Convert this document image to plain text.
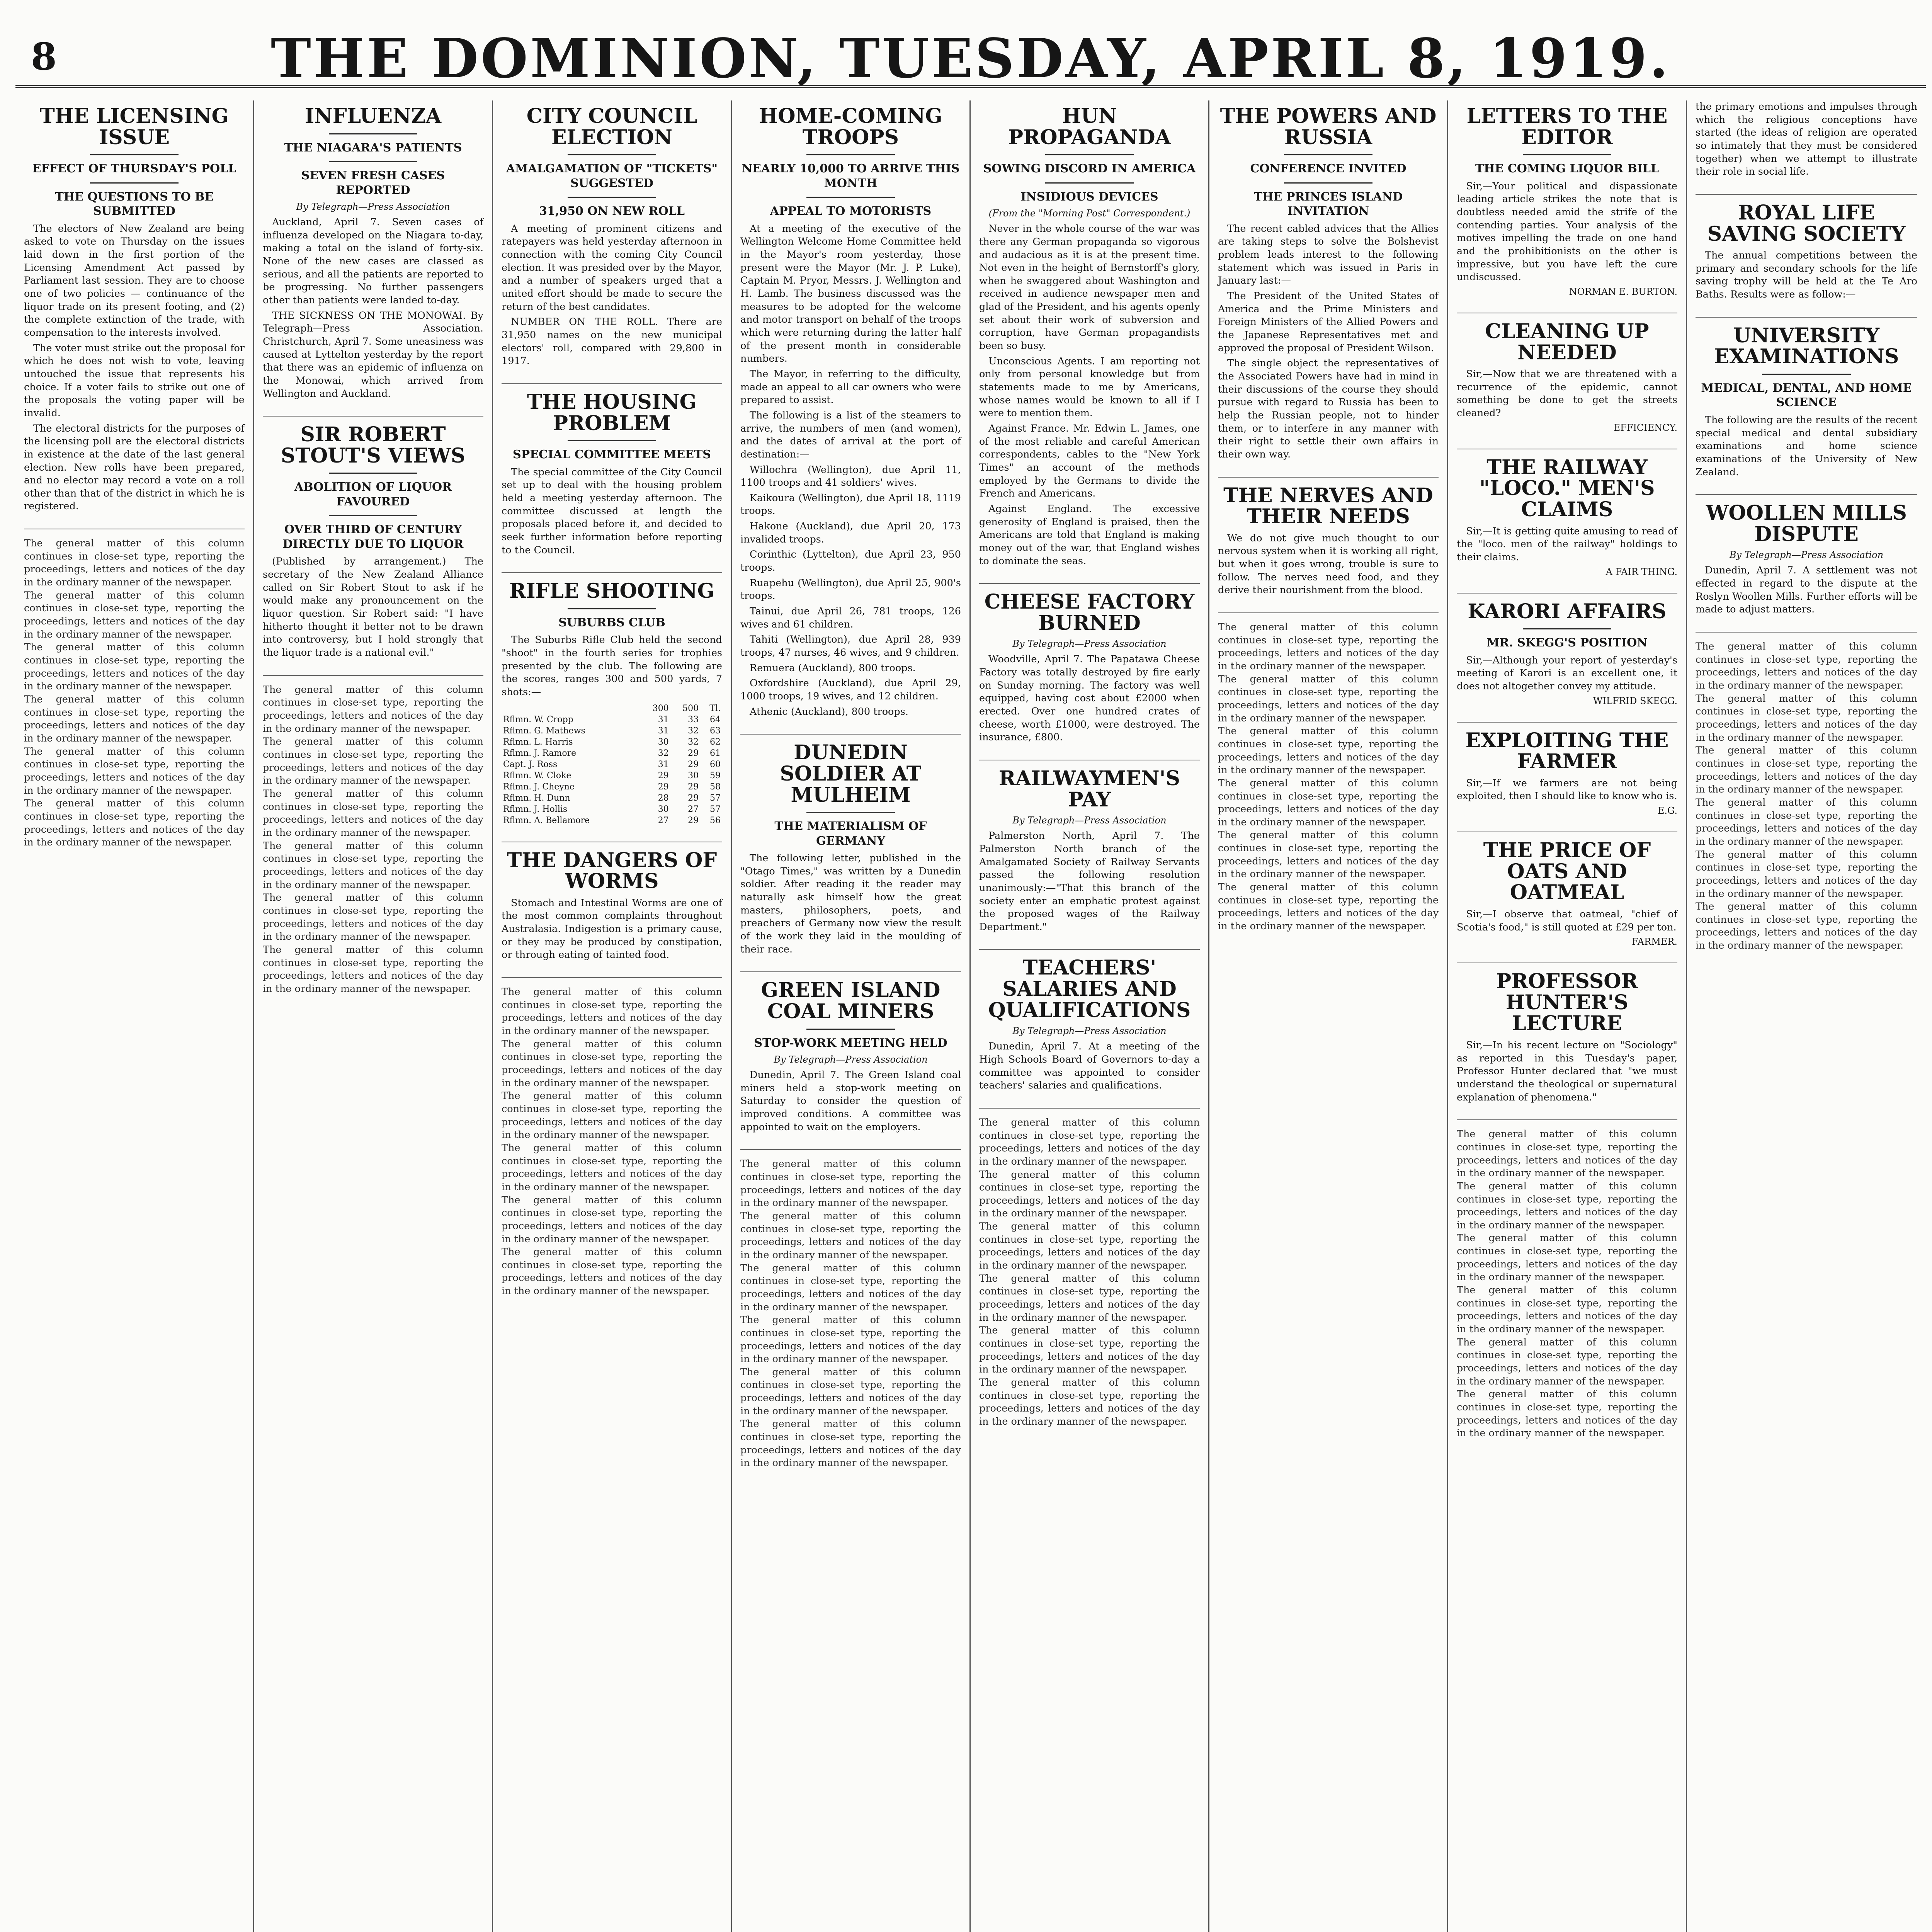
8	THE DOMINION, TUESDAY, APRIL 8, 1919.
THE LICENSING ISSUE
EFFECT OF THURSDAY'S POLL
THE QUESTIONS TO BE SUBMITTED

The electors of New Zealand are being asked to vote on Thursday on the issues laid down in the first portion of the Licensing Amendment Act passed by Parliament last session. They are to choose one of two policies — continuance of the liquor trade on its present footing, and (2) the complete extinction of the trade, with compensation to the interests involved.

The voter must strike out the proposal for which he does not wish to vote, leaving untouched the issue that represents his choice. If a voter fails to strike out one of the proposals the voting paper will be invalid.

The electoral districts for the purposes of the licensing poll are the electoral districts in existence at the date of the last general election. New rolls have been prepared, and no elector may record a vote on a roll other than that of the district in which he is registered.

The general matter of this column continues in close-set type, reporting the proceedings, letters and notices of the day in the ordinary manner of the newspaper.
The general matter of this column continues in close-set type, reporting the proceedings, letters and notices of the day in the ordinary manner of the newspaper.
The general matter of this column continues in close-set type, reporting the proceedings, letters and notices of the day in the ordinary manner of the newspaper.
The general matter of this column continues in close-set type, reporting the proceedings, letters and notices of the day in the ordinary manner of the newspaper.
The general matter of this column continues in close-set type, reporting the proceedings, letters and notices of the day in the ordinary manner of the newspaper.
The general matter of this column continues in close-set type, reporting the proceedings, letters and notices of the day in the ordinary manner of the newspaper.
INFLUENZA
THE NIAGARA'S PATIENTS
SEVEN FRESH CASES REPORTED
By Telegraph—Press Association

Auckland, April 7. Seven cases of influenza developed on the Niagara to-day, making a total on the island of forty-six. None of the new cases are classed as serious, and all the patients are reported to be progressing. No further passengers other than patients were landed to-day.

THE SICKNESS ON THE MONOWAI. By Telegraph—Press Association. Christchurch, April 7. Some uneasiness was caused at Lyttelton yesterday by the report that there was an epidemic of influenza on the Monowai, which arrived from Wellington and Auckland.

SIR ROBERT STOUT'S VIEWS
ABOLITION OF LIQUOR FAVOURED
OVER THIRD OF CENTURY DIRECTLY DUE TO LIQUOR

(Published by arrangement.) The secretary of the New Zealand Alliance called on Sir Robert Stout to ask if he would make any pronouncement on the liquor question. Sir Robert said: "I have hitherto thought it better not to be drawn into controversy, but I hold strongly that the liquor trade is a national evil."

The general matter of this column continues in close-set type, reporting the proceedings, letters and notices of the day in the ordinary manner of the newspaper.
The general matter of this column continues in close-set type, reporting the proceedings, letters and notices of the day in the ordinary manner of the newspaper.
The general matter of this column continues in close-set type, reporting the proceedings, letters and notices of the day in the ordinary manner of the newspaper.
The general matter of this column continues in close-set type, reporting the proceedings, letters and notices of the day in the ordinary manner of the newspaper.
The general matter of this column continues in close-set type, reporting the proceedings, letters and notices of the day in the ordinary manner of the newspaper.
The general matter of this column continues in close-set type, reporting the proceedings, letters and notices of the day in the ordinary manner of the newspaper.
CITY COUNCIL ELECTION
AMALGAMATION OF "TICKETS" SUGGESTED
31,950 ON NEW ROLL

A meeting of prominent citizens and ratepayers was held yesterday afternoon in connection with the coming City Council election. It was presided over by the Mayor, and a number of speakers urged that a united effort should be made to secure the return of the best candidates.

NUMBER ON THE ROLL. There are 31,950 names on the new municipal electors' roll, compared with 29,800 in 1917.

THE HOUSING PROBLEM
SPECIAL COMMITTEE MEETS

The special committee of the City Council set up to deal with the housing problem held a meeting yesterday afternoon. The committee discussed at length the proposals placed before it, and decided to seek further information before reporting to the Council.

RIFLE SHOOTING
SUBURBS CLUB

The Suburbs Rifle Club held the second "shoot" in the fourth series for trophies presented by the club. The following are the scores, ranges 300 and 500 yards, 7 shots:—

	300	500	Tl.
Rflmn. W. Cropp	31	33	64
Rflmn. G. Mathews	31	32	63
Rflmn. L. Harris	30	32	62
Rflmn. J. Ramore	32	29	61
Capt. J. Ross	31	29	60
Rflmn. W. Cloke	29	30	59
Rflmn. J. Cheyne	29	29	58
Rflmn. H. Dunn	28	29	57
Rflmn. J. Hollis	30	27	57
Rflmn. A. Bellamore	27	29	56
THE DANGERS OF WORMS

Stomach and Intestinal Worms are one of the most common complaints throughout Australasia. Indigestion is a primary cause, or they may be produced by constipation, or through eating of tainted food.

The general matter of this column continues in close-set type, reporting the proceedings, letters and notices of the day in the ordinary manner of the newspaper.
The general matter of this column continues in close-set type, reporting the proceedings, letters and notices of the day in the ordinary manner of the newspaper.
The general matter of this column continues in close-set type, reporting the proceedings, letters and notices of the day in the ordinary manner of the newspaper.
The general matter of this column continues in close-set type, reporting the proceedings, letters and notices of the day in the ordinary manner of the newspaper.
The general matter of this column continues in close-set type, reporting the proceedings, letters and notices of the day in the ordinary manner of the newspaper.
The general matter of this column continues in close-set type, reporting the proceedings, letters and notices of the day in the ordinary manner of the newspaper.
HOME-COMING TROOPS
NEARLY 10,000 TO ARRIVE THIS MONTH
APPEAL TO MOTORISTS

At a meeting of the executive of the Wellington Welcome Home Committee held in the Mayor's room yesterday, those present were the Mayor (Mr. J. P. Luke), Captain M. Pryor, Messrs. J. Wellington and H. Lamb. The business discussed was the measures to be adopted for the welcome and motor transport on behalf of the troops which were returning during the latter half of the present month in considerable numbers.

The Mayor, in referring to the difficulty, made an appeal to all car owners who were prepared to assist.

The following is a list of the steamers to arrive, the numbers of men (and women), and the dates of arrival at the port of destination:—

Willochra (Wellington), due April 11, 1100 troops and 41 soldiers' wives.

Kaikoura (Wellington), due April 18, 1119 troops.

Hakone (Auckland), due April 20, 173 invalided troops.

Corinthic (Lyttelton), due April 23, 950 troops.

Ruapehu (Wellington), due April 25, 900's troops.

Tainui, due April 26, 781 troops, 126 wives and 61 children.

Tahiti (Wellington), due April 28, 939 troops, 47 nurses, 46 wives, and 9 children.

Remuera (Auckland), 800 troops.

Oxfordshire (Auckland), due April 29, 1000 troops, 19 wives, and 12 children.

Athenic (Auckland), 800 troops.

DUNEDIN SOLDIER AT MULHEIM
THE MATERIALISM OF GERMANY

The following letter, published in the "Otago Times," was written by a Dunedin soldier. After reading it the reader may naturally ask himself how the great masters, philosophers, poets, and preachers of Germany now view the result of the work they laid in the moulding of their race.

GREEN ISLAND COAL MINERS
STOP-WORK MEETING HELD
By Telegraph—Press Association

Dunedin, April 7. The Green Island coal miners held a stop-work meeting on Saturday to consider the question of improved conditions. A committee was appointed to wait on the employers.

The general matter of this column continues in close-set type, reporting the proceedings, letters and notices of the day in the ordinary manner of the newspaper.
The general matter of this column continues in close-set type, reporting the proceedings, letters and notices of the day in the ordinary manner of the newspaper.
The general matter of this column continues in close-set type, reporting the proceedings, letters and notices of the day in the ordinary manner of the newspaper.
The general matter of this column continues in close-set type, reporting the proceedings, letters and notices of the day in the ordinary manner of the newspaper.
The general matter of this column continues in close-set type, reporting the proceedings, letters and notices of the day in the ordinary manner of the newspaper.
The general matter of this column continues in close-set type, reporting the proceedings, letters and notices of the day in the ordinary manner of the newspaper.
HUN PROPAGANDA
SOWING DISCORD IN AMERICA
INSIDIOUS DEVICES
(From the "Morning Post" Correspondent.)

Never in the whole course of the war was there any German propaganda so vigorous and audacious as it is at the present time. Not even in the height of Bernstorff's glory, when he swaggered about Washington and received in audience newspaper men and glad of the President, and his agents openly set about their work of subversion and corruption, have German propagandists been so busy.

Unconscious Agents. I am reporting not only from personal knowledge but from statements made to me by Americans, whose names would be known to all if I were to mention them.

Against France. Mr. Edwin L. James, one of the most reliable and careful American correspondents, cables to the "New York Times" an account of the methods employed by the Germans to divide the French and Americans.

Against England. The excessive generosity of England is praised, then the Americans are told that England is making money out of the war, that England wishes to dominate the seas.

CHEESE FACTORY BURNED
By Telegraph—Press Association

Woodville, April 7. The Papatawa Cheese Factory was totally destroyed by fire early on Sunday morning. The factory was well equipped, having cost about £2000 when erected. Over one hundred crates of cheese, worth £1000, were destroyed. The insurance, £800.

RAILWAYMEN'S PAY
By Telegraph—Press Association

Palmerston North, April 7. The Palmerston North branch of the Amalgamated Society of Railway Servants passed the following resolution unanimously:—"That this branch of the society enter an emphatic protest against the proposed wages of the Railway Department."

TEACHERS' SALARIES AND QUALIFICATIONS
By Telegraph—Press Association

Dunedin, April 7. At a meeting of the High Schools Board of Governors to-day a committee was appointed to consider teachers' salaries and qualifications.

The general matter of this column continues in close-set type, reporting the proceedings, letters and notices of the day in the ordinary manner of the newspaper.
The general matter of this column continues in close-set type, reporting the proceedings, letters and notices of the day in the ordinary manner of the newspaper.
The general matter of this column continues in close-set type, reporting the proceedings, letters and notices of the day in the ordinary manner of the newspaper.
The general matter of this column continues in close-set type, reporting the proceedings, letters and notices of the day in the ordinary manner of the newspaper.
The general matter of this column continues in close-set type, reporting the proceedings, letters and notices of the day in the ordinary manner of the newspaper.
The general matter of this column continues in close-set type, reporting the proceedings, letters and notices of the day in the ordinary manner of the newspaper.
THE POWERS AND RUSSIA
CONFERENCE INVITED
THE PRINCES ISLAND INVITATION

The recent cabled advices that the Allies are taking steps to solve the Bolshevist problem leads interest to the following statement which was issued in Paris in January last:—

The President of the United States of America and the Prime Ministers and Foreign Ministers of the Allied Powers and the Japanese Representatives met and approved the proposal of President Wilson.

The single object the representatives of the Associated Powers have had in mind in their discussions of the course they should pursue with regard to Russia has been to help the Russian people, not to hinder them, or to interfere in any manner with their right to settle their own affairs in their own way.

THE NERVES AND THEIR NEEDS

We do not give much thought to our nervous system when it is working all right, but when it goes wrong, trouble is sure to follow. The nerves need food, and they derive their nourishment from the blood.

The general matter of this column continues in close-set type, reporting the proceedings, letters and notices of the day in the ordinary manner of the newspaper.
The general matter of this column continues in close-set type, reporting the proceedings, letters and notices of the day in the ordinary manner of the newspaper.
The general matter of this column continues in close-set type, reporting the proceedings, letters and notices of the day in the ordinary manner of the newspaper.
The general matter of this column continues in close-set type, reporting the proceedings, letters and notices of the day in the ordinary manner of the newspaper.
The general matter of this column continues in close-set type, reporting the proceedings, letters and notices of the day in the ordinary manner of the newspaper.
The general matter of this column continues in close-set type, reporting the proceedings, letters and notices of the day in the ordinary manner of the newspaper.
LETTERS TO THE EDITOR
THE COMING LIQUOR BILL

Sir,—Your political and dispassionate leading article strikes the note that is doubtless needed amid the strife of the contending parties. Your analysis of the motives impelling the trade on one hand and the prohibitionists on the other is impressive, but you have left the cure undiscussed.

NORMAN E. BURTON.
CLEANING UP NEEDED

Sir,—Now that we are threatened with a recurrence of the epidemic, cannot something be done to get the streets cleaned?

EFFICIENCY.
THE RAILWAY "LOCO." MEN'S CLAIMS

Sir,—It is getting quite amusing to read of the "loco. men of the railway" holdings to their claims.

A FAIR THING.
KARORI AFFAIRS
MR. SKEGG'S POSITION

Sir,—Although your report of yesterday's meeting of Karori is an excellent one, it does not altogether convey my attitude.

WILFRID SKEGG.
EXPLOITING THE FARMER

Sir,—If we farmers are not being exploited, then I should like to know who is.

E.G.
THE PRICE OF OATS AND OATMEAL

Sir,—I observe that oatmeal, "chief of Scotia's food," is still quoted at £29 per ton.

FARMER.
PROFESSOR HUNTER'S LECTURE

Sir,—In his recent lecture on "Sociology" as reported in this Tuesday's paper, Professor Hunter declared that "we must understand the theological or supernatural explanation of phenomena."

The general matter of this column continues in close-set type, reporting the proceedings, letters and notices of the day in the ordinary manner of the newspaper.
The general matter of this column continues in close-set type, reporting the proceedings, letters and notices of the day in the ordinary manner of the newspaper.
The general matter of this column continues in close-set type, reporting the proceedings, letters and notices of the day in the ordinary manner of the newspaper.
The general matter of this column continues in close-set type, reporting the proceedings, letters and notices of the day in the ordinary manner of the newspaper.
The general matter of this column continues in close-set type, reporting the proceedings, letters and notices of the day in the ordinary manner of the newspaper.
The general matter of this column continues in close-set type, reporting the proceedings, letters and notices of the day in the ordinary manner of the newspaper.

the primary emotions and impulses through which the religious conceptions have started (the ideas of religion are operated so intimately that they must be considered together) when we attempt to illustrate their role in social life.

ROYAL LIFE SAVING SOCIETY

The annual competitions between the primary and secondary schools for the life saving trophy will be held at the Te Aro Baths. Results were as follow:—

UNIVERSITY EXAMINATIONS
MEDICAL, DENTAL, AND HOME SCIENCE

The following are the results of the recent special medical and dental subsidiary examinations and home science examinations of the University of New Zealand.

WOOLLEN MILLS DISPUTE
By Telegraph—Press Association

Dunedin, April 7. A settlement was not effected in regard to the dispute at the Roslyn Woollen Mills. Further efforts will be made to adjust matters.

The general matter of this column continues in close-set type, reporting the proceedings, letters and notices of the day in the ordinary manner of the newspaper.
The general matter of this column continues in close-set type, reporting the proceedings, letters and notices of the day in the ordinary manner of the newspaper.
The general matter of this column continues in close-set type, reporting the proceedings, letters and notices of the day in the ordinary manner of the newspaper.
The general matter of this column continues in close-set type, reporting the proceedings, letters and notices of the day in the ordinary manner of the newspaper.
The general matter of this column continues in close-set type, reporting the proceedings, letters and notices of the day in the ordinary manner of the newspaper.
The general matter of this column continues in close-set type, reporting the proceedings, letters and notices of the day in the ordinary manner of the newspaper.
